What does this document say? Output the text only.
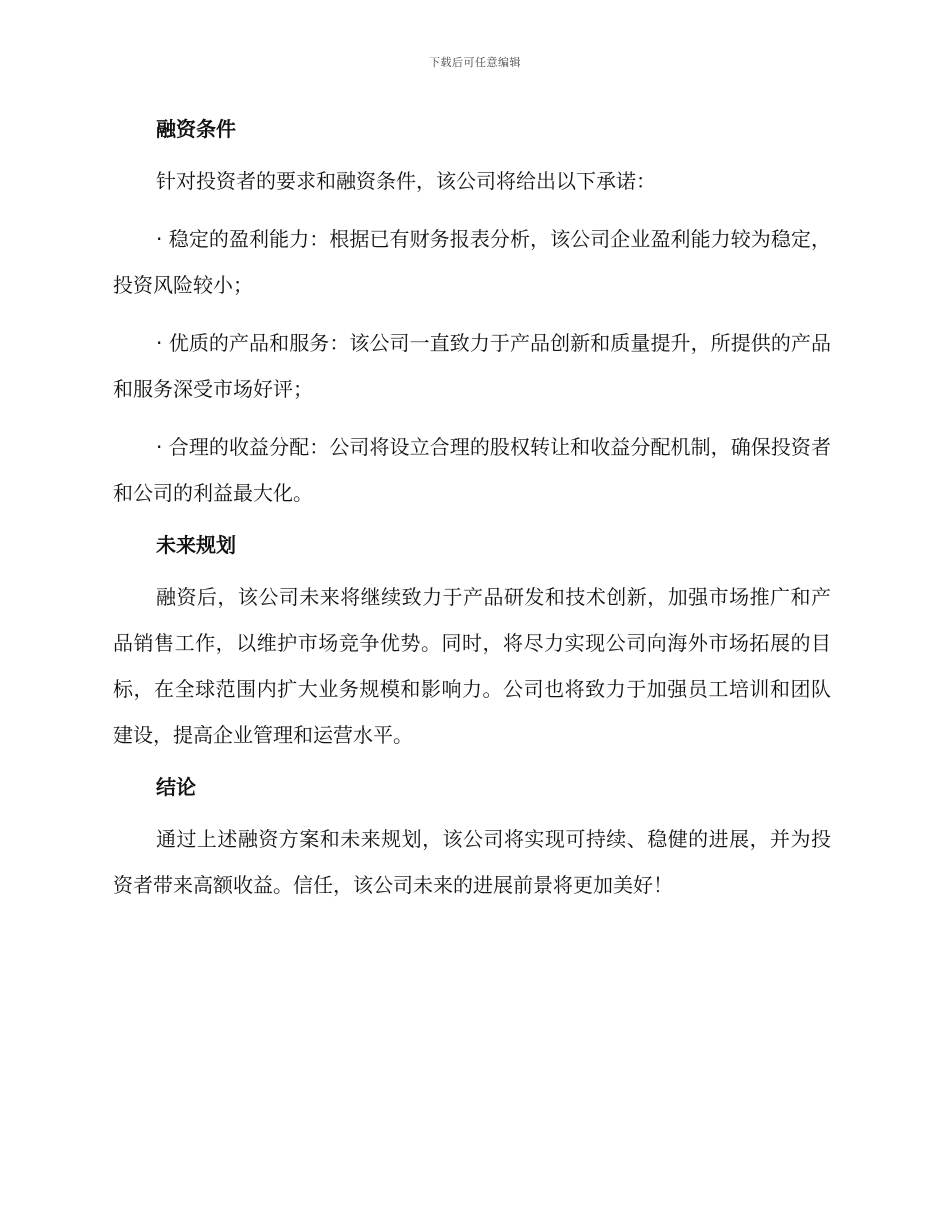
下载后可任意编辑
融资条件

针对投资者的要求和融资条件，该公司将给出以下承诺：

· 稳定的盈利能力：根据已有财务报表分析，该公司企业盈利能力较为稳定，投资风险较小；

· 优质的产品和服务：该公司一直致力于产品创新和质量提升，所提供的产品和服务深受市场好评；

· 合理的收益分配：公司将设立合理的股权转让和收益分配机制，确保投资者和公司的利益最大化。

未来规划

融资后，该公司未来将继续致力于产品研发和技术创新，加强市场推广和产品销售工作，以维护市场竞争优势。同时，将尽力实现公司向海外市场拓展的目标，在全球范围内扩大业务规模和影响力。公司也将致力于加强员工培训和团队建设，提高企业管理和运营水平。

结论

通过上述融资方案和未来规划，该公司将实现可持续、稳健的进展，并为投资者带来高额收益。信任，该公司未来的进展前景将更加美好！
